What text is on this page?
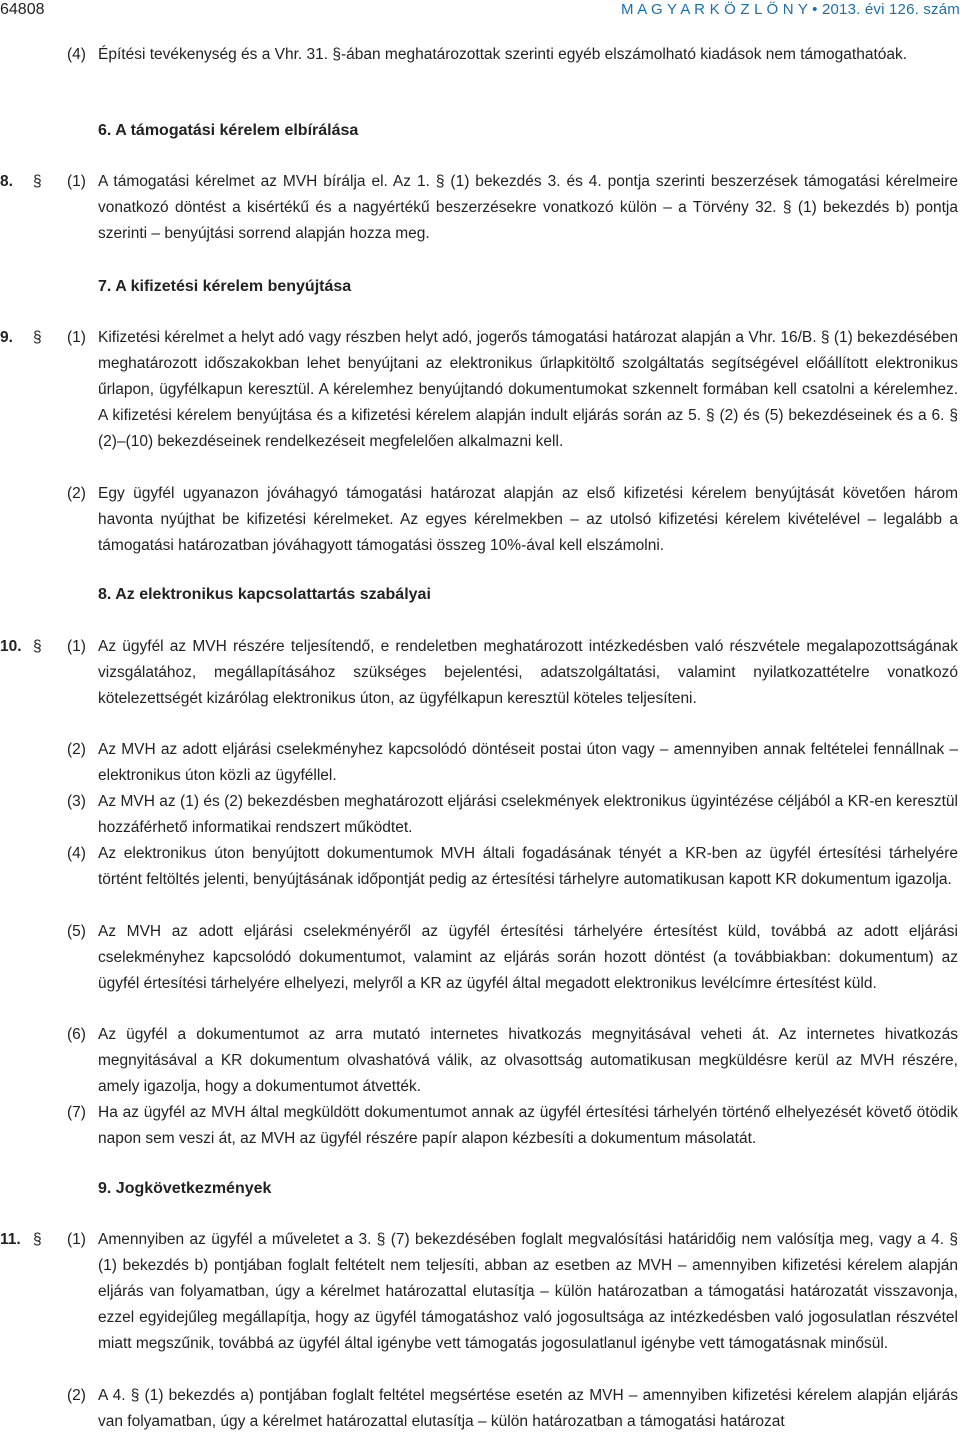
64808	M A G Y A R K Ö Z L Ö N Y • 2013. évi 126. szám
(4) Építési tevékenység és a Vhr. 31. §-ában meghatározottak szerinti egyéb elszámolható kiadások nem támogathatóak.
6. A támogatási kérelem elbírálása
8. § (1) A támogatási kérelmet az MVH bírálja el. Az 1. § (1) bekezdés 3. és 4. pontja szerinti beszerzések támogatási kérelmeire vonatkozó döntést a kisértékű és a nagyértékű beszerzésekre vonatkozó külön – a Törvény 32. § (1) bekezdés b) pontja szerinti – benyújtási sorrend alapján hozza meg.
7. A kifizetési kérelem benyújtása
9. § (1) Kifizetési kérelmet a helyt adó vagy részben helyt adó, jogerős támogatási határozat alapján a Vhr. 16/B. § (1) bekezdésében meghatározott időszakokban lehet benyújtani az elektronikus űrlapkitöltő szolgáltatás segítségével előállított elektronikus űrlapon, ügyfélkapun keresztül. A kérelemhez benyújtandó dokumentumokat szkennelt formában kell csatolni a kérelemhez. A kifizetési kérelem benyújtása és a kifizetési kérelem alapján indult eljárás során az 5. § (2) és (5) bekezdéseinek és a 6. § (2)–(10) bekezdéseinek rendelkezéseit megfelelően alkalmazni kell.
(2) Egy ügyfél ugyanazon jóváhagyó támogatási határozat alapján az első kifizetési kérelem benyújtását követően három havonta nyújthat be kifizetési kérelmeket. Az egyes kérelmekben – az utolsó kifizetési kérelem kivételével – legalább a támogatási határozatban jóváhagyott támogatási összeg 10%-ával kell elszámolni.
8. Az elektronikus kapcsolattartás szabályai
10. § (1) Az ügyfél az MVH részére teljesítendő, e rendeletben meghatározott intézkedésben való részvétele megalapozottságának vizsgálatához, megállapításához szükséges bejelentési, adatszolgáltatási, valamint nyilatkozattételre vonatkozó kötelezettségét kizárólag elektronikus úton, az ügyfélkapun keresztül köteles teljesíteni.
(2) Az MVH az adott eljárási cselekményhez kapcsolódó döntéseit postai úton vagy – amennyiben annak feltételei fennállnak – elektronikus úton közli az ügyféllel.
(3) Az MVH az (1) és (2) bekezdésben meghatározott eljárási cselekmények elektronikus ügyintézése céljából a KR-en keresztül hozzáférhető informatikai rendszert működtet.
(4) Az elektronikus úton benyújtott dokumentumok MVH általi fogadásának tényét a KR-ben az ügyfél értesítési tárhelyére történt feltöltés jelenti, benyújtásának időpontját pedig az értesítési tárhelyre automatikusan kapott KR dokumentum igazolja.
(5) Az MVH az adott eljárási cselekményéről az ügyfél értesítési tárhelyére értesítést küld, továbbá az adott eljárási cselekményhez kapcsolódó dokumentumot, valamint az eljárás során hozott döntést (a továbbiakban: dokumentum) az ügyfél értesítési tárhelyére elhelyezi, melyről a KR az ügyfél által megadott elektronikus levélcímre értesítést küld.
(6) Az ügyfél a dokumentumot az arra mutató internetes hivatkozás megnyitásával veheti át. Az internetes hivatkozás megnyitásával a KR dokumentum olvashatóvá válik, az olvasottság automatikusan megküldésre kerül az MVH részére, amely igazolja, hogy a dokumentumot átvették.
(7) Ha az ügyfél az MVH által megküldött dokumentumot annak az ügyfél értesítési tárhelyén történő elhelyezését követő ötödik napon sem veszi át, az MVH az ügyfél részére papír alapon kézbesíti a dokumentum másolatát.
9. Jogkövetkezmények
11. § (1) Amennyiben az ügyfél a műveletet a 3. § (7) bekezdésében foglalt megvalósítási határidőig nem valósítja meg, vagy a 4. § (1) bekezdés b) pontjában foglalt feltételt nem teljesíti, abban az esetben az MVH – amennyiben kifizetési kérelem alapján eljárás van folyamatban, úgy a kérelmet határozattal elutasítja – külön határozatban a támogatási határozatát visszavonja, ezzel egyidejűleg megállapítja, hogy az ügyfél támogatáshoz való jogosultsága az intézkedésben való jogosulatlan részvétel miatt megszűnik, továbbá az ügyfél által igénybe vett támogatás jogosulatlanul igénybe vett támogatásnak minősül.
(2) A 4. § (1) bekezdés a) pontjában foglalt feltétel megsértése esetén az MVH – amennyiben kifizetési kérelem alapján eljárás van folyamatban, úgy a kérelmet határozattal elutasítja – külön határozatban a támogatási határozat
